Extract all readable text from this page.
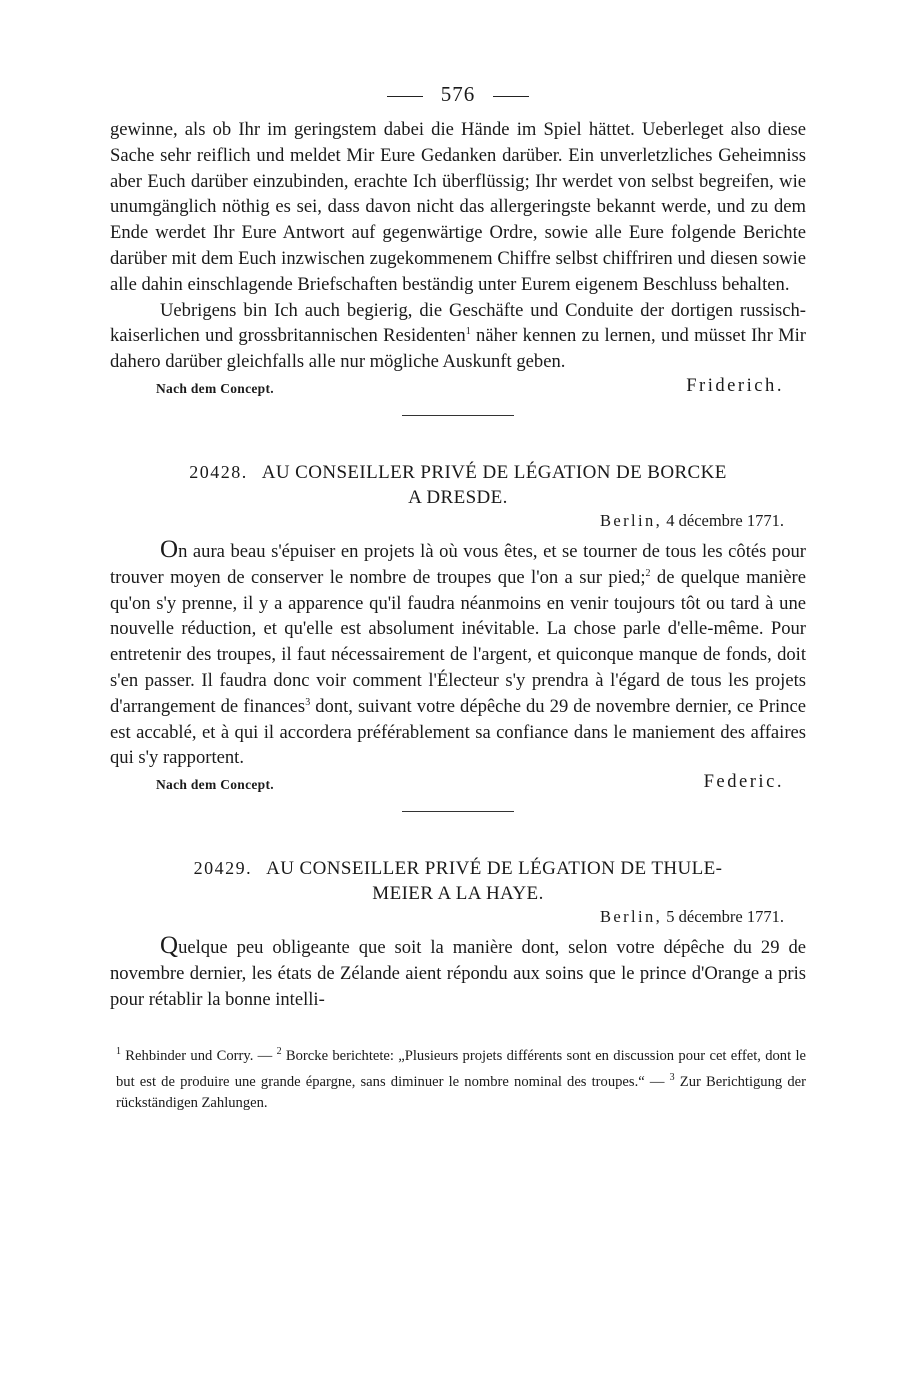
576

gewinne, als ob Ihr im geringstem dabei die Hände im Spiel hättet. Ueberleget also diese Sache sehr reiflich und meldet Mir Eure Gedanken darüber. Ein unverletzliches Geheimniss aber Euch darüber einzubinden, erachte Ich überflüssig; Ihr werdet von selbst begreifen, wie unumgänglich nöthig es sei, dass davon nicht das allergeringste bekannt werde, und zu dem Ende werdet Ihr Eure Antwort auf gegenwärtige Ordre, sowie alle Eure folgende Berichte darüber mit dem Euch inzwischen zugekommenem Chiffre selbst chiffriren und diesen sowie alle dahin einschlagende Briefschaften beständig unter Eurem eigenem Beschluss behalten.

Uebrigens bin Ich auch begierig, die Geschäfte und Conduite der dortigen russisch-kaiserlichen und grossbritannischen Residenten$^1$ näher kennen zu lernen, und müsset Ihr Mir dahero darüber gleichfalls alle nur mögliche Auskunft geben.

Nach dem Concept.	Friderich.
20428. AU CONSEILLER PRIVÉ DE LÉGATION DE BORCKE
A DRESDE.
Berlin, 4 décembre 1771.

On aura beau s'épuiser en projets là où vous êtes, et se tourner de tous les côtés pour trouver moyen de conserver le nombre de troupes que l'on a sur pied;$^2$ de quelque manière qu'on s'y prenne, il y a apparence qu'il faudra néanmoins en venir toujours tôt ou tard à une nouvelle réduction, et qu'elle est absolument inévitable. La chose parle d'elle-même. Pour entretenir des troupes, il faut nécessairement de l'argent, et quiconque manque de fonds, doit s'en passer. Il faudra donc voir comment l'Électeur s'y prendra à l'égard de tous les projets d'arrangement de finances$^3$ dont, suivant votre dépêche du 29 de novembre dernier, ce Prince est accablé, et à qui il accordera préférablement sa confiance dans le maniement des affaires qui s'y rapportent.

Nach dem Concept.	Federic.
20429. AU CONSEILLER PRIVÉ DE LÉGATION DE THULE-
MEIER A LA HAYE.
Berlin, 5 décembre 1771.

Quelque peu obligeante que soit la manière dont, selon votre dépêche du 29 de novembre dernier, les états de Zélande aient répondu aux soins que le prince d'Orange a pris pour rétablir la bonne intelli-

$^1$ Rehbinder und Corry. — $^2$ Borcke berichtete: „Plusieurs projets différents sont en discussion pour cet effet, dont le but est de produire une grande épargne, sans diminuer le nombre nominal des troupes.“ — $^3$ Zur Berichtigung der rückständigen Zahlungen.
